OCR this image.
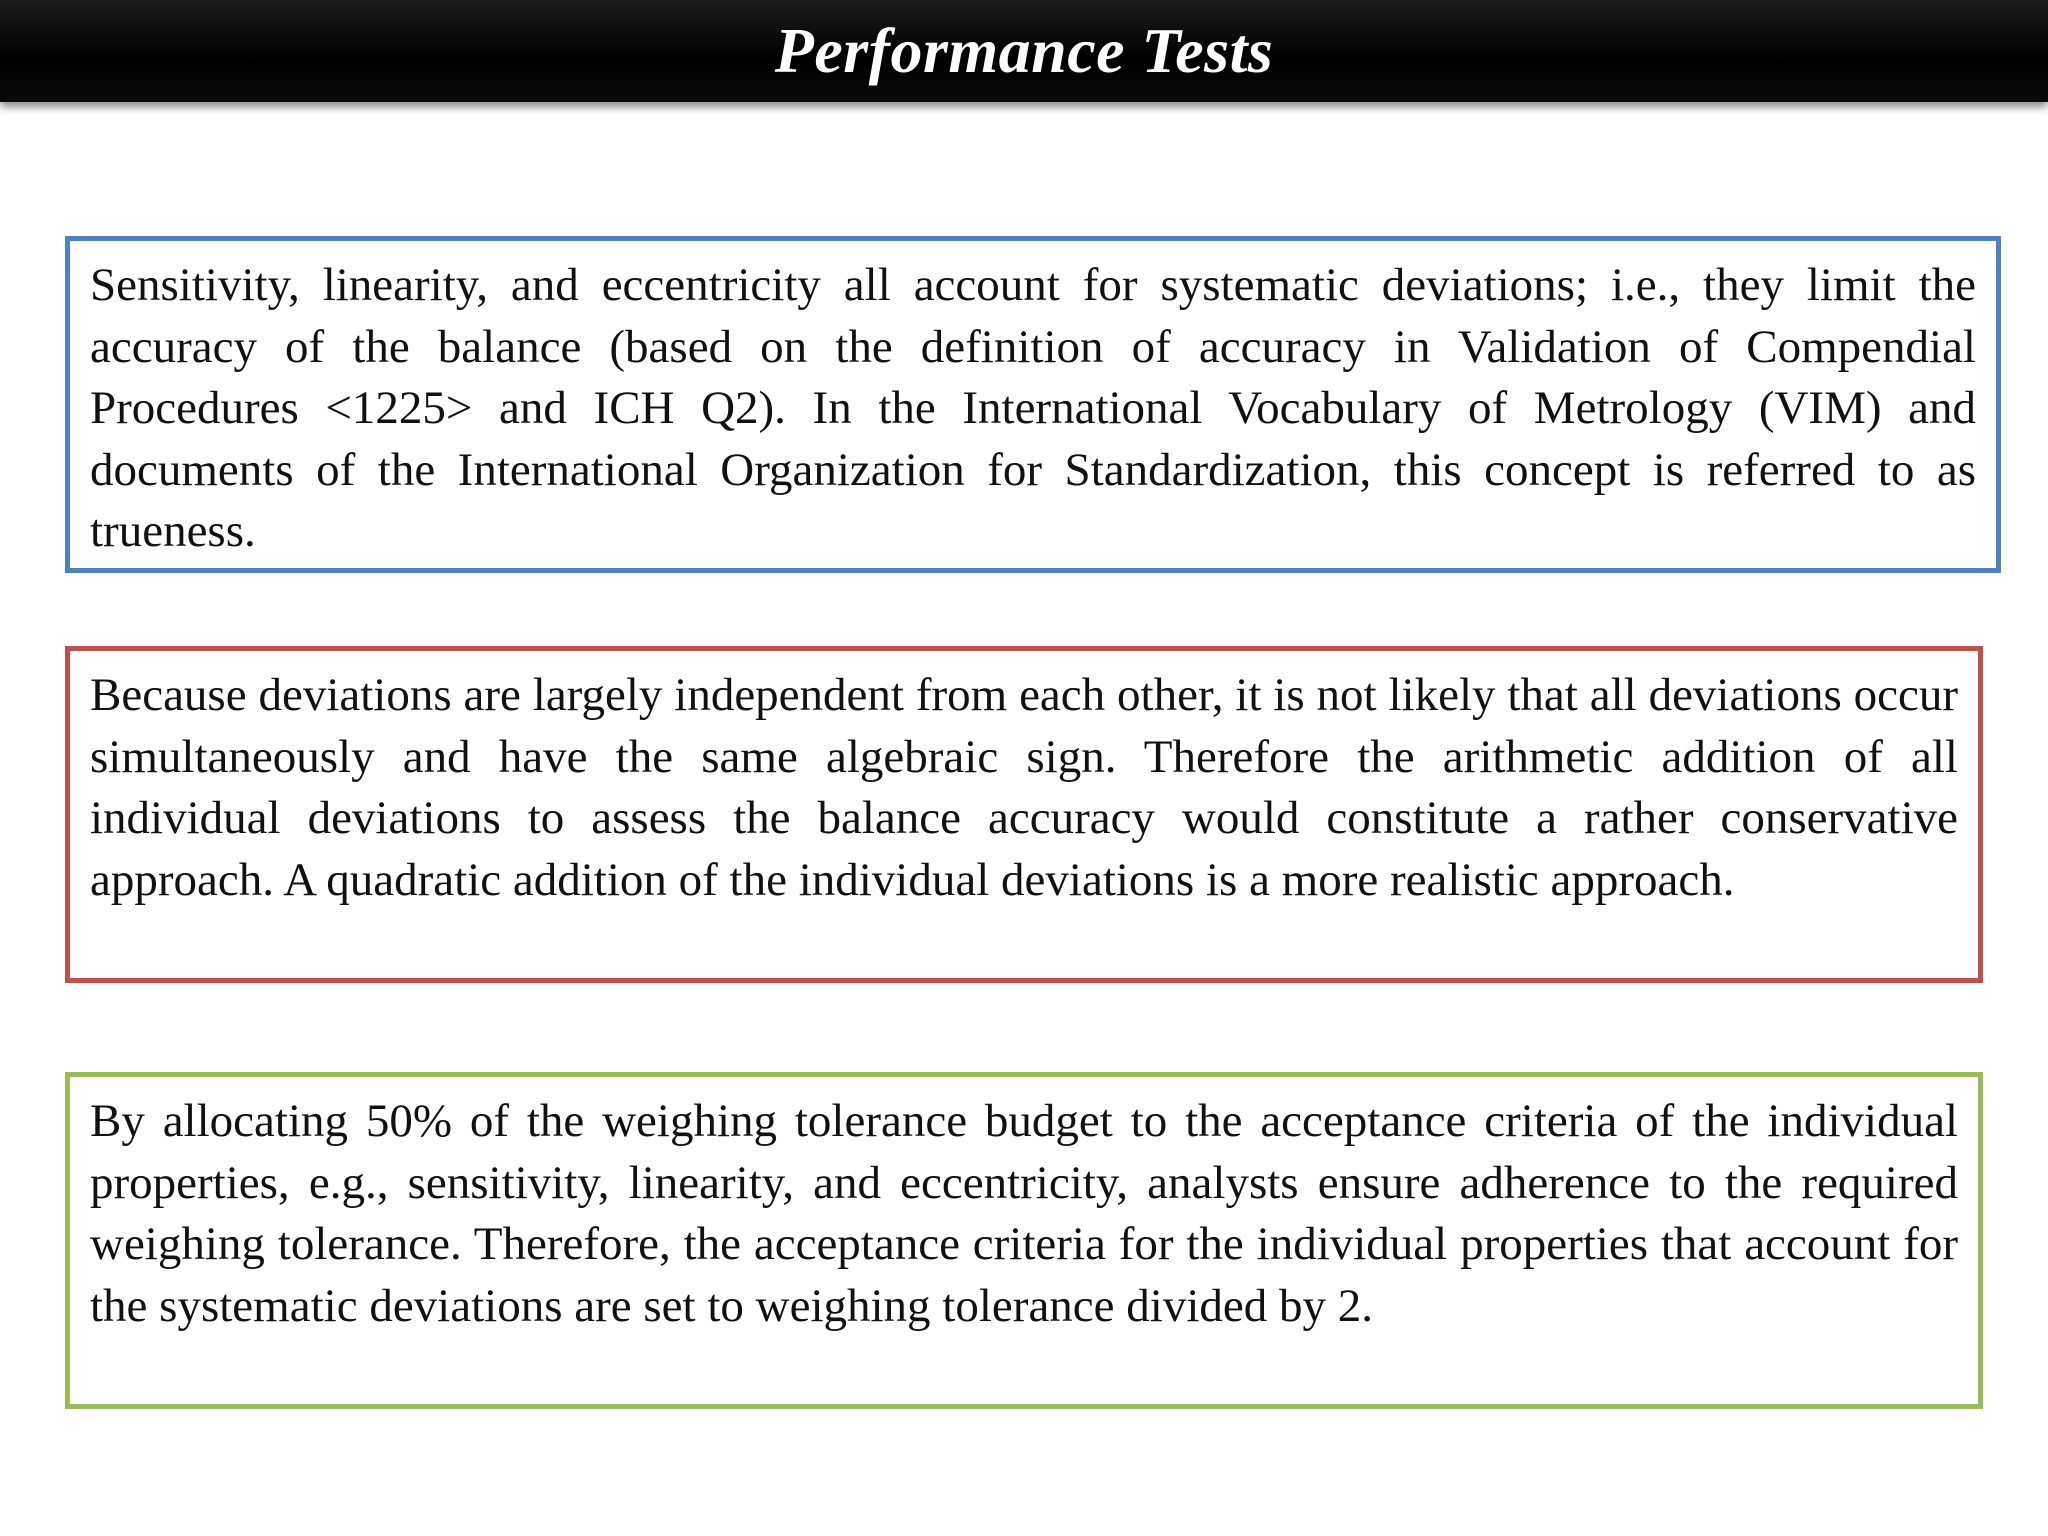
Performance Tests

Sensitivity, linearity, and eccentricity all account for systematic deviations; i.e., they limit the accuracy of the balance (based on the definition of accuracy in Validation of Compendial Procedures <1225> and ICH Q2). In the International Vocabulary of Metrology (VIM) and documents of the International Organization for Standardization, this concept is referred to as trueness.

Because deviations are largely independent from each other, it is not likely that all deviations occur simultaneously and have the same algebraic sign. Therefore the arithmetic addition of all individual deviations to assess the balance accuracy would constitute a rather conservative approach. A quadratic addition of the individual deviations is a more realistic approach.

By allocating 50% of the weighing tolerance budget to the acceptance criteria of the individual properties, e.g., sensitivity, linearity, and eccentricity, analysts ensure adherence to the required weighing tolerance. Therefore, the acceptance criteria for the individual properties that account for the systematic deviations are set to weighing tolerance divided by 2.
